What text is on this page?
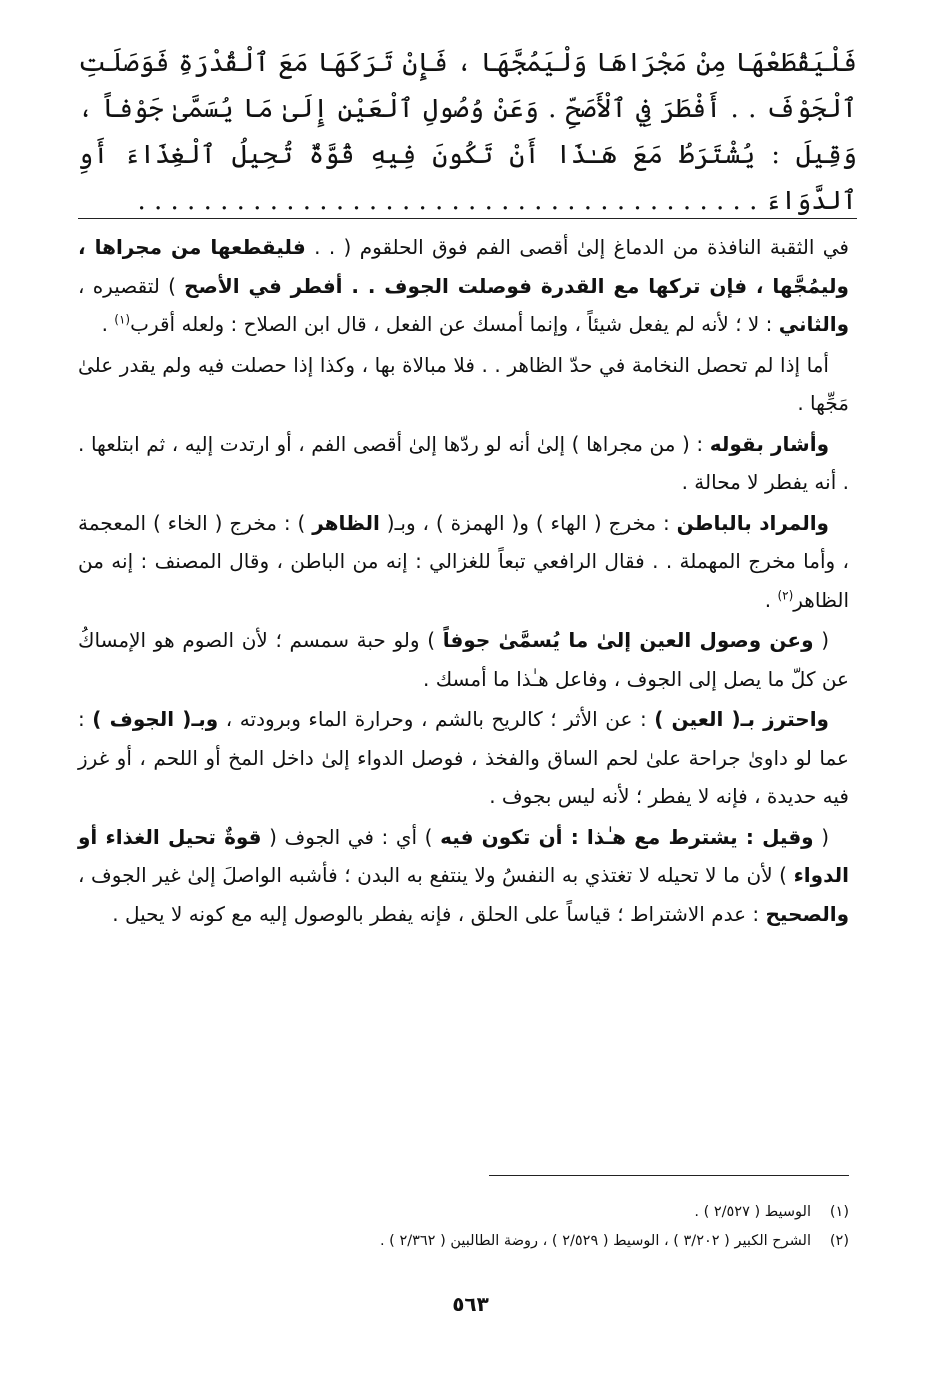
فَلْيَقْطَعْهَا مِنْ مَجْرَاهَا وَلْيَمُجَّهَا ، فَإِنْ تَرَكَهَا مَعَ ٱلْقُدْرَةِ فَوَصَلَتِ ٱلْجَوْفَ . . أَفْطَرَ فِي ٱلْأَصَحِّ . وَعَنْ وُصُولِ ٱلْعَيْنِ إِلَىٰ مَا يُسَمَّىٰ جَوْفاً ، وَقِيلَ : يُشْتَرَطُ مَعَ هَـٰذَا أَنْ تَكُونَ فِيهِ قُوَّةٌ تُحِيلُ ٱلْغِذَاءَ أَوِ ٱلدَّوَاءَ . . . . . . . . . . . . . . . . . . . . . . . . . . . . . . . . . . . . . .

في الثقبة النافذة من الدماغ إلىٰ أقصى الفم فوق الحلقوم ( . . فليقطعها من مجراها ، وليمُجَّها ، فإن تركها مع القدرة فوصلت الجوف . . أفطر في الأصح ) لتقصيره ، والثاني : لا ؛ لأنه لم يفعل شيئاً ، وإنما أمسك عن الفعل ، قال ابن الصلاح : ولعله أقرب$^{(١)}$ .

أما إذا لم تحصل النخامة في حدّ الظاهر . . فلا مبالاة بها ، وكذا إذا حصلت فيه ولم يقدر علىٰ مَجِّها .

وأشار بقوله : ( من مجراها ) إلىٰ أنه لو ردّها إلىٰ أقصى الفم ، أو ارتدت إليه ، ثم ابتلعها . . أنه يفطر لا محالة .

والمراد بالباطن : مخرج ( الهاء ) و( الهمزة ) ، وبـ( الظاهر ) : مخرج ( الخاء ) المعجمة ، وأما مخرج المهملة . . فقال الرافعي تبعاً للغزالي : إنه من الباطن ، وقال المصنف : إنه من الظاهر$^{(٢)}$ .

( وعن وصول العين إلىٰ ما يُسمَّىٰ جوفاً ) ولو حبة سمسم ؛ لأن الصوم هو الإمساكُ عن كلّ ما يصل إلى الجوف ، وفاعل هـٰذا ما أمسك .

واحترز بـ( العين ) : عن الأثر ؛ كالريح بالشم ، وحرارة الماء وبرودته ، وبـ( الجوف ) : عما لو داوىٰ جراحة علىٰ لحم الساق والفخذ ، فوصل الدواء إلىٰ داخل المخ أو اللحم ، أو غرز فيه حديدة ، فإنه لا يفطر ؛ لأنه ليس بجوف .

( وقيل : يشترط مع هـٰذا : أن تكون فيه ) أي : في الجوف ( قوةٌ تحيل الغذاء أو الدواء ) لأن ما لا تحيله لا تغتذي به النفسُ ولا ينتفع به البدن ؛ فأشبه الواصلَ إلىٰ غير الجوف ، والصحيح : عدم الاشتراط ؛ قياساً على الحلق ، فإنه يفطر بالوصول إليه مع كونه لا يحيل .

(١)الوسيط ( ٢/٥٢٧ ) .
(٢)الشرح الكبير ( ٣/٢٠٢ ) ، الوسيط ( ٢/٥٢٩ ) ، روضة الطالبين ( ٢/٣٦٢ ) .
٥٦٣
